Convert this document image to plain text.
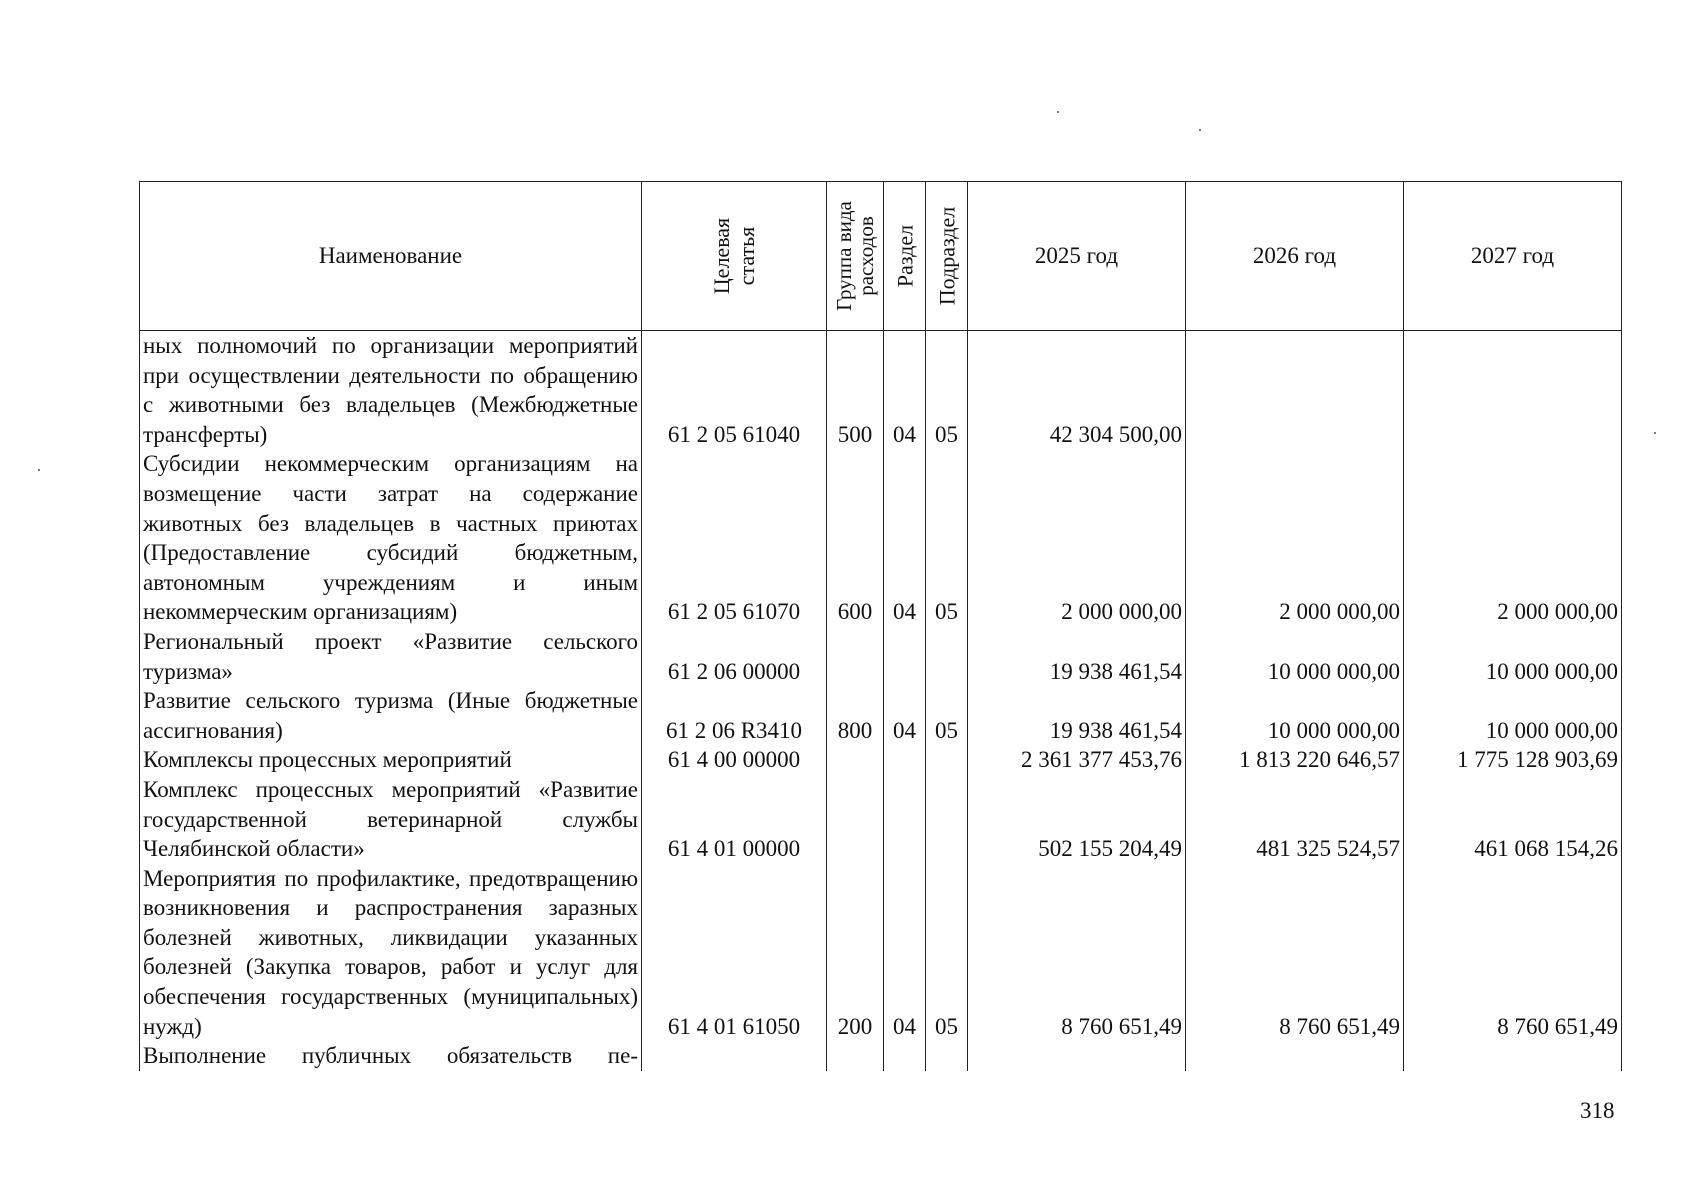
Наименование	Целевая статья	Группа вида расходов	Раздел	Подраздел	2025 год	2026 год	2027 год

ных полномочий по организации мероприятий при осуществлении деятельности по обращению с животными без владельцев (Межбюджетные трансферты)	61 2 05 61040	500	04	05	42 304 500,00		

Субсидии некоммерческим организациям на возмещение части затрат на содержание животных без владельцев в частных приютах (Предоставление субсидий бюджетным, автономным учреждениям и иным некоммерческим организациям)	61 2 05 61070	600	04	05	2 000 000,00	2 000 000,00	2 000 000,00

Региональный проект «Развитие сельского туризма»	61 2 06 00000				19 938 461,54	10 000 000,00	10 000 000,00

Развитие сельского туризма (Иные бюджетные ассигнования)	61 2 06 R3410	800	04	05	19 938 461,54	10 000 000,00	10 000 000,00

Комплексы процессных мероприятий	61 4 00 00000				2 361 377 453,76	1 813 220 646,57	1 775 128 903,69

Комплекс процессных мероприятий «Развитие государственной ветеринарной службы Челябинской области»	61 4 01 00000				502 155 204,49	481 325 524,57	461 068 154,26

Мероприятия по профилактике, предотвращению возникновения и распространения заразных болезней животных, ликвидации указанных болезней (Закупка товаров, работ и услуг для обеспечения государственных (муниципальных) нужд)	61 4 01 61050	200	04	05	8 760 651,49	8 760 651,49	8 760 651,49

Выполнение публичных обязательств пе-							

318
